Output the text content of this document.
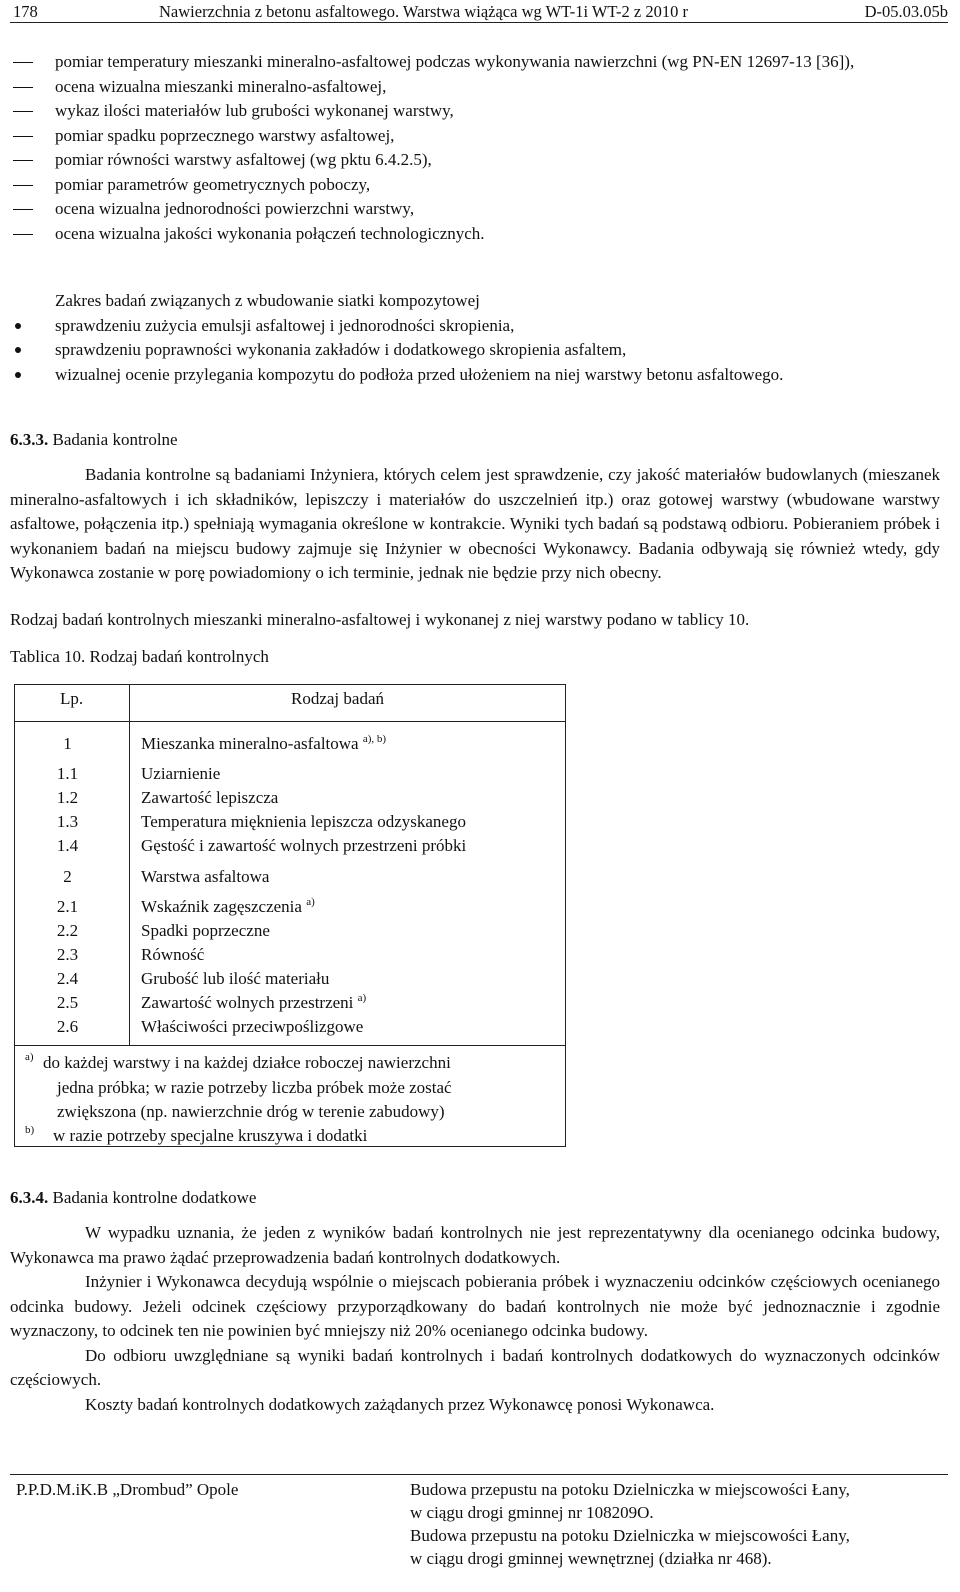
178	Nawierzchnia z betonu asfaltowego. Warstwa wiążąca wg WT-1i WT-2 z 2010 r	D-05.03.05b
pomiar temperatury mieszanki mineralno-asfaltowej podczas wykonywania nawierzchni (wg PN-EN 12697-13 [36]),
ocena wizualna mieszanki mineralno-asfaltowej,
wykaz ilości materiałów lub grubości wykonanej warstwy,
pomiar spadku poprzecznego warstwy asfaltowej,
pomiar równości warstwy asfaltowej (wg pktu 6.4.2.5),
pomiar parametrów geometrycznych poboczy,
ocena wizualna jednorodności powierzchni warstwy,
ocena wizualna jakości wykonania połączeń technologicznych.
Zakres badań związanych z wbudowanie siatki kompozytowej
sprawdzeniu zużycia emulsji asfaltowej i jednorodności skropienia,
sprawdzeniu poprawności wykonania zakładów i dodatkowego skropienia asfaltem,
wizualnej ocenie przylegania kompozytu do podłoża przed ułożeniem na niej warstwy betonu asfaltowego.
6.3.3. Badania kontrolne
Badania kontrolne są badaniami Inżyniera, których celem jest sprawdzenie, czy jakość materiałów budowlanych (mieszanek mineralno-asfaltowych i ich składników, lepiszczy i materiałów do uszczelnień itp.) oraz gotowej warstwy (wbudowane warstwy asfaltowe, połączenia itp.) spełniają wymagania określone w kontrakcie. Wyniki tych badań są podstawą odbioru. Pobieraniem próbek i wykonaniem badań na miejscu budowy zajmuje się Inżynier w obecności Wykonawcy. Badania odbywają się również wtedy, gdy Wykonawca zostanie w porę powiadomiony o ich terminie, jednak nie będzie przy nich obecny.
Rodzaj badań kontrolnych mieszanki mineralno-asfaltowej i wykonanej z niej warstwy podano w tablicy 10.
Tablica 10. Rodzaj badań kontrolnych
Lp.	Rodzaj badań
1	Mieszanka mineralno-asfaltowa $^{a), b)}$
1.1	Uziarnienie
1.2	Zawartość lepiszcza
1.3	Temperatura mięknienia lepiszcza odzyskanego
1.4	Gęstość i zawartość wolnych przestrzeni próbki
2	Warstwa asfaltowa
2.1	Wskaźnik zagęszczenia $^{a)}$
2.2	Spadki poprzeczne
2.3	Równość
2.4	Grubość lub ilość materiału
2.5	Zawartość wolnych przestrzeni $^{a)}$
2.6	Właściwości przeciwpoślizgowe
a) do każdej warstwy i na każdej działce roboczej nawierzchni
jedna próbka; w razie potrzeby liczba próbek może zostać
zwiększona (np. nawierzchnie dróg w terenie zabudowy)
b)	w razie potrzeby specjalne kruszywa i dodatki
6.3.4. Badania kontrolne dodatkowe
W wypadku uznania, że jeden z wyników badań kontrolnych nie jest reprezentatywny dla ocenianego odcinka budowy, Wykonawca ma prawo żądać przeprowadzenia badań kontrolnych dodatkowych.
Inżynier i Wykonawca decydują wspólnie o miejscach pobierania próbek i wyznaczeniu odcinków częściowych ocenianego odcinka budowy. Jeżeli odcinek częściowy przyporządkowany do badań kontrolnych nie może być jednoznacznie i zgodnie wyznaczony, to odcinek ten nie powinien być mniejszy niż 20% ocenianego odcinka budowy.
Do odbioru uwzględniane są wyniki badań kontrolnych i badań kontrolnych dodatkowych do wyznaczonych odcinków częściowych.
Koszty badań kontrolnych dodatkowych zażądanych przez Wykonawcę ponosi Wykonawca.
P.P.D.M.iK.B „Drombud” Opole	Budowa przepustu na potoku Dzielniczka w miejscowości Łany,
w ciągu drogi gminnej nr 108209O.
Budowa przepustu na potoku Dzielniczka w miejscowości Łany,
w ciągu drogi gminnej wewnętrznej (działka nr 468).
